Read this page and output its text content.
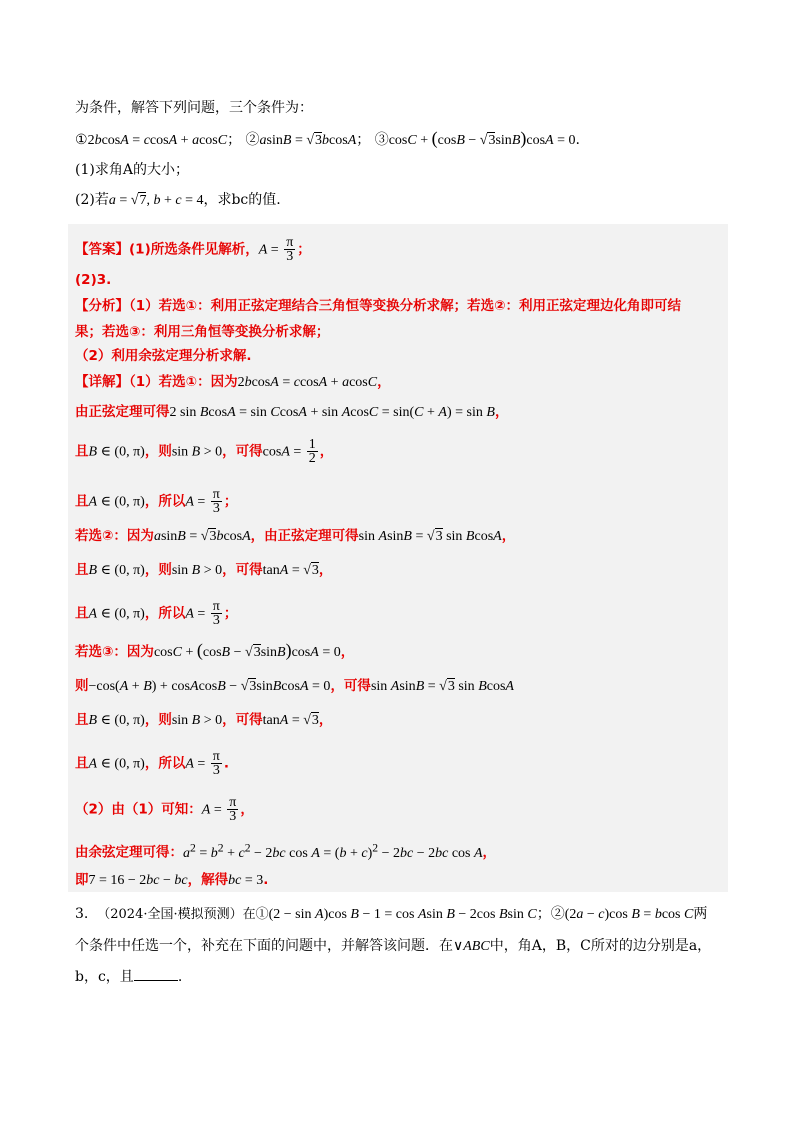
为条件，解答下列问题，三个条件为：
①2bcosA = ccosA + acosC； ②asinB = √3bcosA； ③cosC + (cosB − √3sinB)cosA = 0.
(1)求角A的大小；
(2)若a = √7, b + c = 4，求bc的值.
【答案】(1)所选条件见解析，$A = \frac{\pi}{3}$ ；
(2)3.
【分析】（1）若选①：利用正弦定理结合三角恒等变换分析求解；若选②：利用正弦定理边化角即可结
果；若选③：利用三角恒等变换分析求解；
（2）利用余弦定理分析求解.
【详解】（1）若选①：因为2bcosA = ccosA + acosC，
由正弦定理可得2 sin BcosA = sin CcosA + sin AcosC = sin(C + A) = sin B，
且B ∈ (0, π)，则sin B > 0，可得$\cos A = \frac{1}{2}$ ，
且A ∈ (0, π)，所以$A = \frac{\pi}{3}$ ；
若选②：因为asinB = √3bcosA，由正弦定理可得sin AsinB = √3 sin BcosA，
且B ∈ (0, π)，则sin B > 0，可得tanA = √3，
且A ∈ (0, π)，所以$A = \frac{\pi}{3}$ ；
若选③：因为cosC + (cosB − √3sinB)cosA = 0，
则−cos(A + B) + cosAcosB − √3sinBcosA = 0，可得sin AsinB = √3 sin BcosA
且B ∈ (0, π)，则sin B > 0，可得tanA = √3，
且A ∈ (0, π)，所以$A = \frac{\pi}{3}$ .
（2）由（1）可知：$A = \frac{\pi}{3}$ ，
由余弦定理可得：$a^2 = b^2 + c^2 - 2bc$ $\cos A = (b + c)^2 - 2bc - 2bc$ cos A，
即7 = 16 − 2bc − bc，解得bc = 3.
3. （2024·全国·模拟预测）在①(2 − sin A)cos B − 1 = cos Asin B − 2cos Bsin C；②(2a − c)cos B = bcos C两
个条件中任选一个，补充在下面的问题中，并解答该问题．在∨ABC中，角A，B，C所对的边分别是a，
b，c，且	.
